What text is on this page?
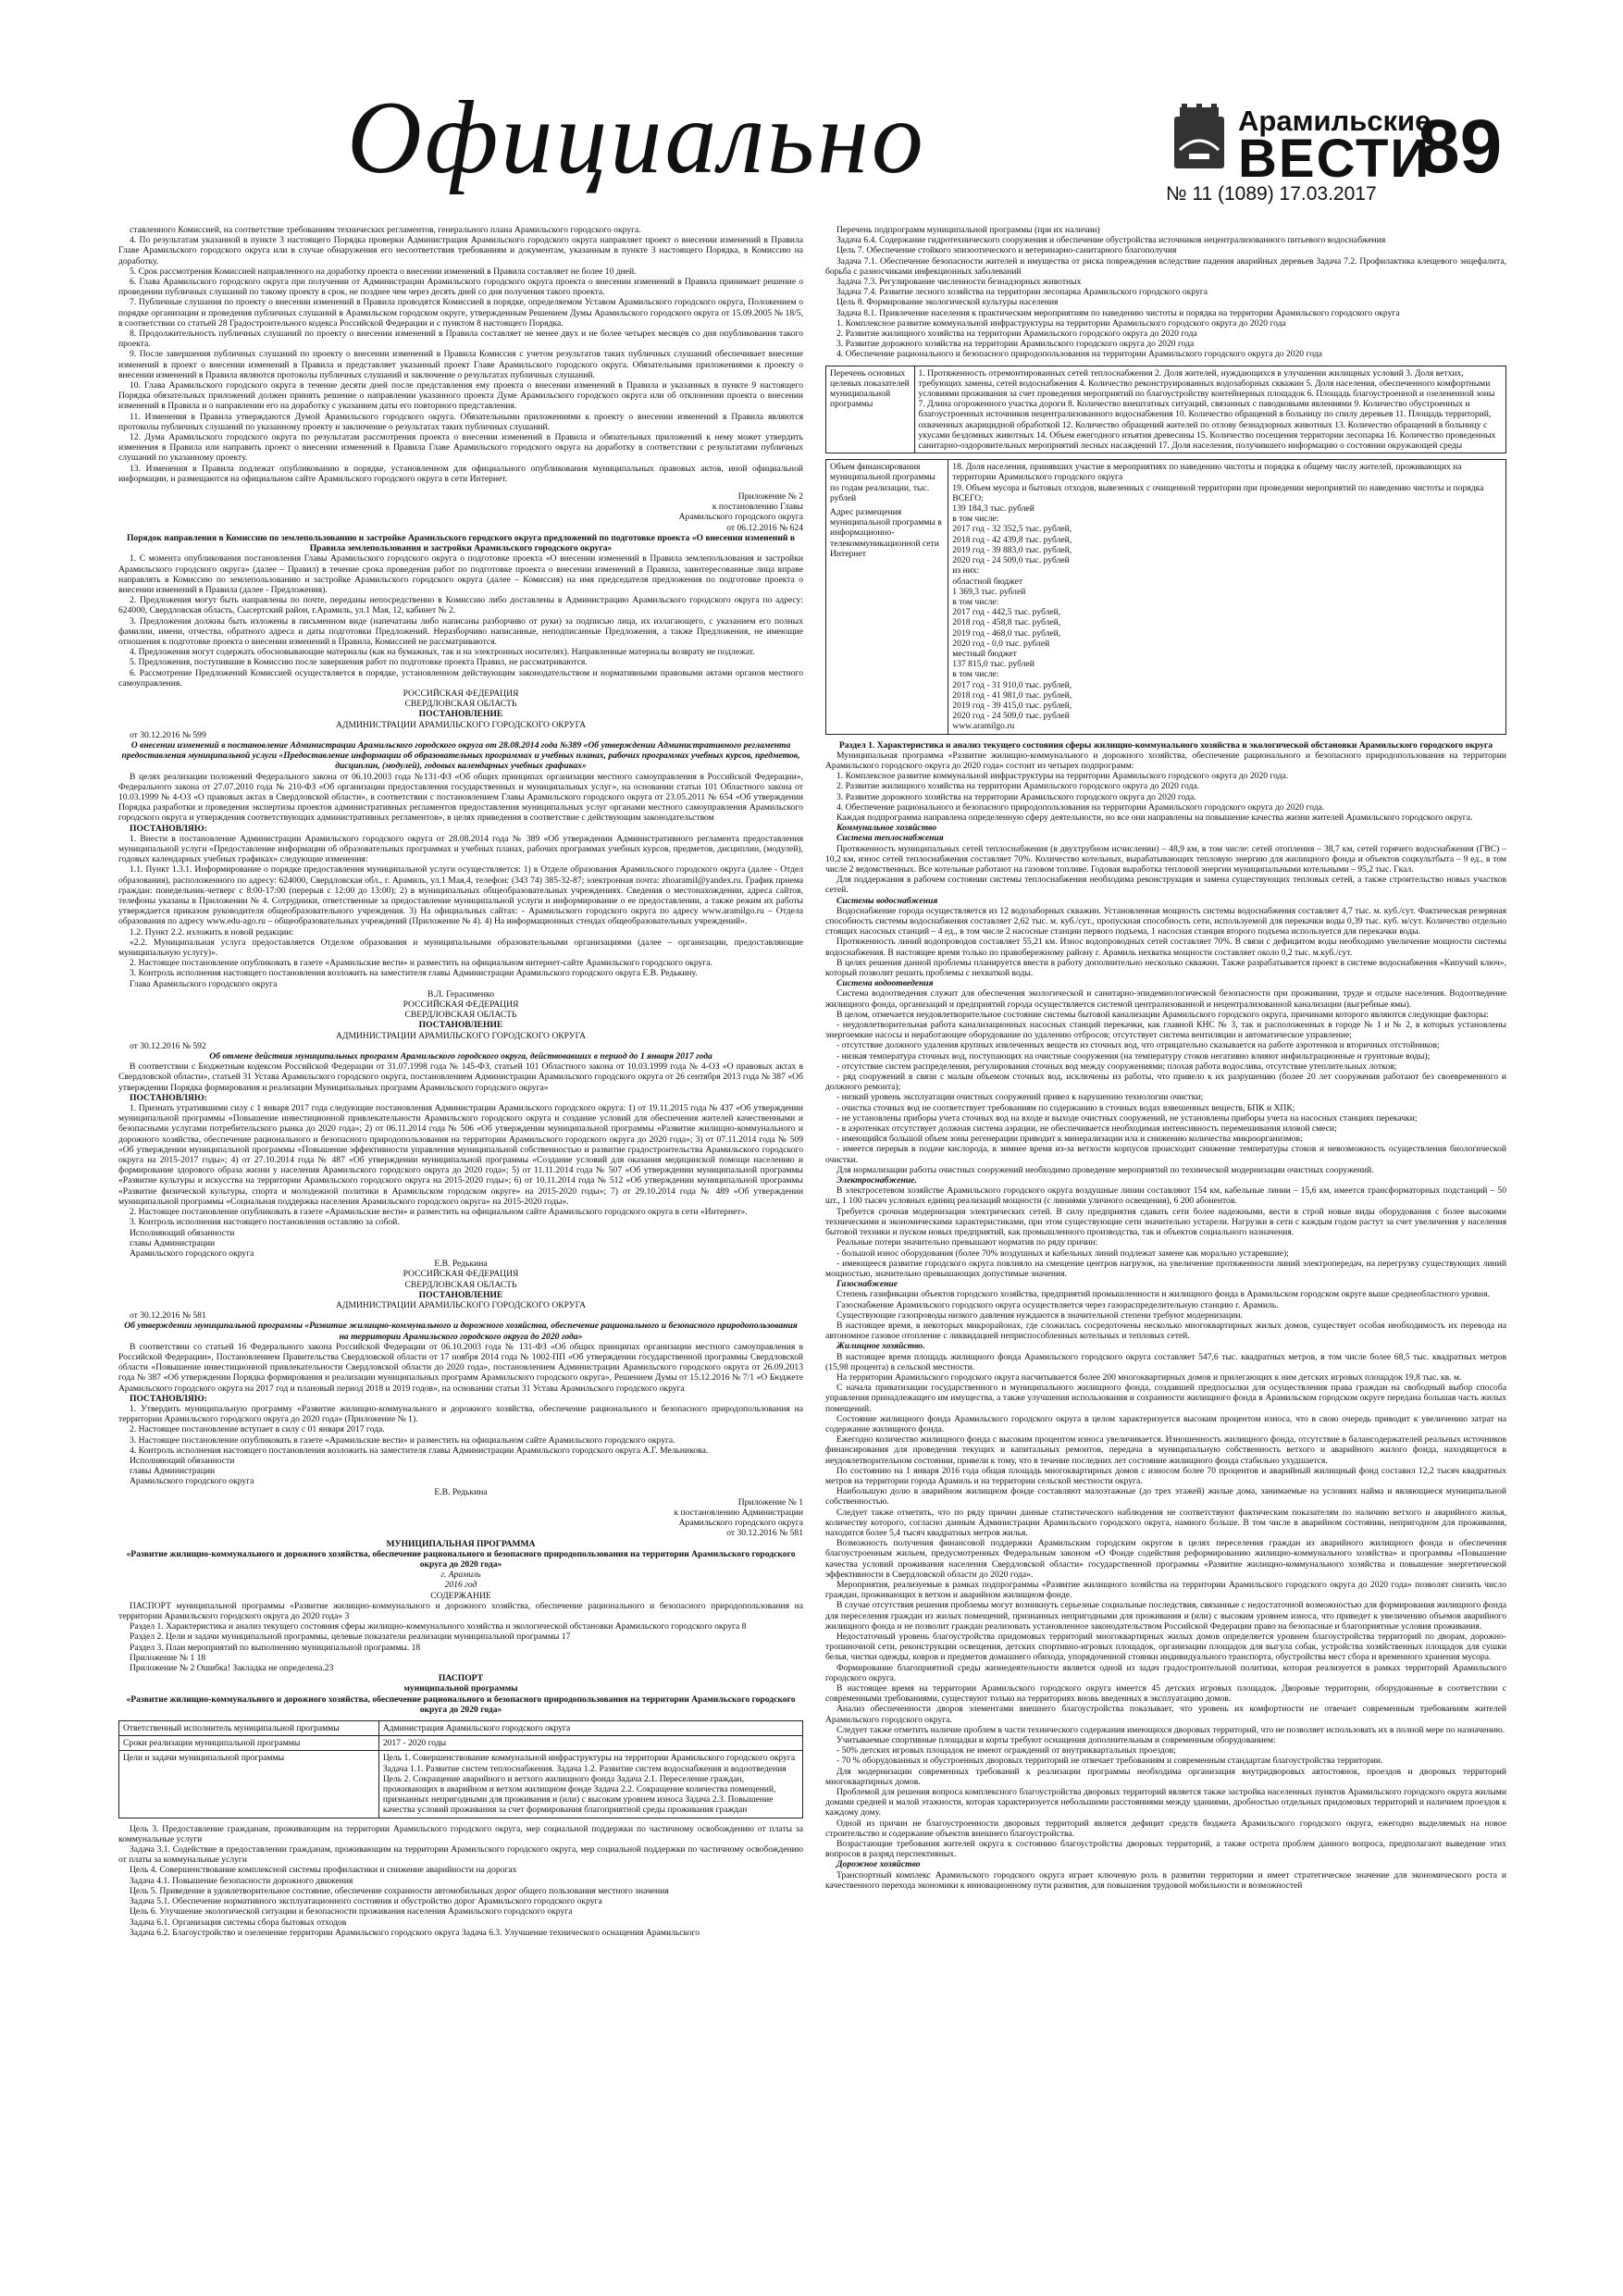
Официально	Арамильские
ВЕСТИ
89
№ 11 (1089) 17.03.2017

ставленного Комиссией, на соответствие требованиям технических регламентов, генерального плана Арамильского городского округа.

4. По результатам указанной в пункте 3 настоящего Порядка проверки Администрация Арамильского городского округа направляет проект о внесении изменений в Правила Главе Арамильского городского округа или в случае обнаружения его несоответствия требованиям и документам, указанным в пункте 3 настоящего Порядка, в Комиссию на доработку.

5. Срок рассмотрения Комиссией направленного на доработку проекта о внесении изменений в Правила составляет не более 10 дней.

6. Глава Арамильского городского округа при получении от Администрации Арамильского городского округа проекта о внесении изменений в Правила принимает решение о проведении публичных слушаний по такому проекту в срок, не позднее чем через десять дней со дня получения такого проекта.

7. Публичные слушания по проекту о внесении изменений в Правила проводятся Комиссией в порядке, определяемом Уставом Арамильского городского округа, Положением о порядке организации и проведения публичных слушаний в Арамильском городском округе, утвержденным Решением Думы Арамильского городского округа от 15.09.2005 № 18/5, в соответствии со статьей 28 Градостроительного кодекса Российской Федерации и с пунктом 8 настоящего Порядка.

8. Продолжительность публичных слушаний по проекту о внесении изменений в Правила составляет не менее двух и не более четырех месяцев со дня опубликования такого проекта.

9. После завершения публичных слушаний по проекту о внесении изменений в Правила Комиссия с учетом результатов таких публичных слушаний обеспечивает внесение изменений в проект о внесении изменений в Правила и представляет указанный проект Главе Арамильского городского округа. Обязательными приложениями к проекту о внесении изменений в Правила являются протоколы публичных слушаний и заключение о результатах публичных слушаний.

10. Глава Арамильского городского округа в течение десяти дней после представления ему проекта о внесении изменений в Правила и указанных в пункте 9 настоящего Порядка обязательных приложений должен принять решение о направлении указанного проекта Думе Арамильского городского округа или об отклонении проекта о внесении изменений в Правила и о направлении его на доработку с указанием даты его повторного представления.

11. Изменения в Правила утверждаются Думой Арамильского городского округа. Обязательными приложениями к проекту о внесении изменений в Правила являются протоколы публичных слушаний по указанному проекту и заключение о результатах таких публичных слушаний.

12. Дума Арамильского городского округа по результатам рассмотрения проекта о внесении изменений в Правила и обязательных приложений к нему может утвердить изменения в Правила или направить проект о внесении изменений в Правила Главе Арамильского городского округа на доработку в соответствии с результатами публичных слушаний по указанному проекту.

13. Изменения в Правила подлежат опубликованию в порядке, установленном для официального опубликования муниципальных правовых актов, иной официальной информации, и размещаются на официальном сайте Арамильского городского округа в сети Интернет.

Приложение № 2

к постановлению Главы

Арамильского городского округа

от 06.12.2016 № 624

Порядок направления в Комиссию по землепользованию и застройке Арамильского городского округа предложений по подготовке проекта «О внесении изменений в Правила землепользования и застройки Арамильского городского округа»

1. С момента опубликования постановления Главы Арамильского городского округа о подготовке проекта «О внесении изменений в Правила землепользования и застройки Арамильского городского округа» (далее – Правил) в течение срока проведения работ по подготовке проекта о внесении изменений в Правила, заинтересованные лица вправе направлять в Комиссию по землепользованию и застройке Арамильского городского округа (далее – Комиссия) на имя председателя предложения по подготовке проекта о внесении изменений в Правила (далее - Предложения).

2. Предложения могут быть направлены по почте, переданы непосредственно в Комиссию либо доставлены в Администрацию Арамильского городского округа по адресу: 624000, Свердловская область, Сысертский район, г.Арамиль, ул.1 Мая, 12, кабинет № 2.

3. Предложения должны быть изложены в письменном виде (напечатаны либо написаны разборчиво от руки) за подписью лица, их излагающего, с указанием его полных фамилии, имени, отчества, обратного адреса и даты подготовки Предложений. Неразборчиво написанные, неподписанные Предложения, а также Предложения, не имеющие отношения к подготовке проекта о внесении изменений в Правила, Комиссией не рассматриваются.

4. Предложения могут содержать обосновывающие материалы (как на бумажных, так и на электронных носителях). Направленные материалы возврату не подлежат.

5. Предложения, поступившие в Комиссию после завершения работ по подготовке проекта Правил, не рассматриваются.

6. Рассмотрение Предложений Комиссией осуществляется в порядке, установленном действующим законодательством и нормативными правовыми актами органов местного самоуправления.

РОССИЙСКАЯ ФЕДЕРАЦИЯ

СВЕРДЛОВСКАЯ ОБЛАСТЬ

ПОСТАНОВЛЕНИЕ

АДМИНИСТРАЦИИ АРАМИЛЬСКОГО ГОРОДСКОГО ОКРУГА

от 30.12.2016 № 599

О внесении изменений в постановление Администрации Арамильского городского округа от 28.08.2014 года №389 «Об утверждении Административного регламента предоставления муниципальной услуги «Предоставление информации об образовательных программах и учебных планах, рабочих программах учебных курсов, предметов, дисциплин, (модулей), годовых календарных учебных графиках»

В целях реализации положений Федерального закона от 06.10.2003 года №131-ФЗ «Об общих принципах организации местного самоуправления в Российской Федерации», Федерального закона от 27.07.2010 года № 210-ФЗ «Об организации предоставления государственных и муниципальных услуг», на основании статьи 101 Областного закона от 10.03.1999 № 4-ОЗ «О правовых актах в Свердловской области», в соответствии с постановлением Главы Арамильского городского округа от 23.05.2011 № 654 «Об утверждении Порядка разработки и проведения экспертизы проектов административных регламентов предоставления муниципальных услуг органами местного самоуправления Арамильского городского округа и утверждения соответствующих административных регламентов», в целях приведения в соответствие с действующим законодательством

ПОСТАНОВЛЯЮ:

1. Внести в постановление Администрации Арамильского городского округа от 28.08.2014 года № 389 «Об утверждении Административного регламента предоставления муниципальной услуги «Предоставление информации об образовательных программах и учебных планах, рабочих программах учебных курсов, предметов, дисциплин, (модулей), годовых календарных учебных графиках» следующие изменения:

1.1. Пункт 1.3.1. Информирование о порядке предоставления муниципальной услуги осуществляется: 1) в Отделе образования Арамильского городского округа (далее - Отдел образования), расположенного по адресу: 624000, Свердловская обл., г. Арамиль, ул.1 Мая,4, телефон: (343 74) 385-32-87; электронная почта: zhoaramil@yandex.ru. График приема граждан: понедельник-четверг с 8:00-17:00 (перерыв с 12:00 до 13:00); 2) в муниципальных общеобразовательных учреждениях. Сведения о местонахождении, адреса сайтов, телефоны указаны в Приложении № 4. Сотрудники, ответственные за предоставление муниципальной услуги и информирование о ее предоставлении, а также режим их работы утверждается приказом руководителя общеобразовательного учреждения. 3) На официальных сайтах: - Арамильского городского округа по адресу www.aramilgo.ru – Отдела образования по адресу www.edu-ago.ru – общеобразовательных учреждений (Приложение № 4). 4) На информационных стендах общеобразовательных учреждений».

1.2. Пункт 2.2. изложить в новой редакции:

«2.2. Муниципальная услуга предоставляется Отделом образования и муниципальными образовательными организациями (далее – организации, предоставляющие муниципальную услугу)».

2. Настоящее постановление опубликовать в газете «Арамильские вести» и разместить на официальном интернет-сайте Арамильского городского округа.

3. Контроль исполнения настоящего постановления возложить на заместителя главы Администрации Арамильского городского округа Е.В. Редькину.

Глава Арамильского городского округа

В.Л. Герасименко

РОССИЙСКАЯ ФЕДЕРАЦИЯ

СВЕРДЛОВСКАЯ ОБЛАСТЬ

ПОСТАНОВЛЕНИЕ

АДМИНИСТРАЦИИ АРАМИЛЬСКОГО ГОРОДСКОГО ОКРУГА

от 30.12.2016 № 592

Об отмене действия муниципальных программ Арамильского городского округа, действовавших в период до 1 января 2017 года

В соответствии с Бюджетным кодексом Российской Федерации от 31.07.1998 года № 145-ФЗ, статьей 101 Областного закона от 10.03.1999 года № 4-ОЗ «О правовых актах в Свердловской области», статьей 31 Устава Арамильского городского округа, постановлением Администрации Арамильского городского округа от 26 сентября 2013 года № 387 «Об утверждении Порядка формирования и реализации Муниципальных программ Арамильского городского округа»

ПОСТАНОВЛЯЮ:

1. Признать утратившими силу с 1 января 2017 года следующие постановления Администрации Арамильского городского округа: 1) от 19.11.2015 года № 437 «Об утверждении муниципальной программы «Повышение инвестиционной привлекательности Арамильского городского округа и создание условий для обеспечения жителей качественными и безопасными услугами потребительского рынка до 2020 года»; 2) от 06.11.2014 года № 506 «Об утверждении муниципальной программы «Развитие жилищно-коммунального и дорожного хозяйства, обеспечение рационального и безопасного природопользования на территории Арамильского городского округа до 2020 года»; 3) от 07.11.2014 года № 509 «Об утверждении муниципальной программы «Повышение эффективности управления муниципальной собственностью и развитие градостроительства Арамильского городского округа на 2015-2017 годы»; 4) от 27.10.2014 года № 487 «Об утверждении муниципальной программы «Создание условий для оказания медицинской помощи населению и формирование здорового образа жизни у населения Арамильского городского округа до 2020 года»; 5) от 11.11.2014 года № 507 «Об утверждении муниципальной программы «Развитие культуры и искусства на территории Арамильского городского округа на 2015-2020 годы»; 6) от 10.11.2014 года № 512 «Об утверждении муниципальной программы «Развитие физической культуры, спорта и молодежной политики в Арамильском городском округе» на 2015-2020 годы»; 7) от 29.10.2014 года № 489 «Об утверждении муниципальной программы «Социальная поддержка населения Арамильского городского округа» на 2015-2020 годы».

2. Настоящее постановление опубликовать в газете «Арамильские вести» и разместить на официальном сайте Арамильского городского округа в сети «Интернет».

3. Контроль исполнения настоящего постановления оставляю за собой.

Исполняющий обязанности

главы Администрации

Арамильского городского округа

Е.В. Редькина

РОССИЙСКАЯ ФЕДЕРАЦИЯ

СВЕРДЛОВСКАЯ ОБЛАСТЬ

ПОСТАНОВЛЕНИЕ

АДМИНИСТРАЦИИ АРАМИЛЬСКОГО ГОРОДСКОГО ОКРУГА

от 30.12.2016 № 581

Об утверждении муниципальной программы «Развитие жилищно-коммунального и дорожного хозяйства, обеспечение рационального и безопасного природопользования на территории Арамильского городского округа до 2020 года»

В соответствии со статьей 16 Федерального закона Российской Федерации от 06.10.2003 года № 131-ФЗ «Об общих принципах организации местного самоуправления в Российской Федерации», Постановлением Правительства Свердловской области от 17 ноября 2014 года № 1002-ПП «Об утверждении государственной программы Свердловской области «Повышение инвестиционной привлекательности Свердловской области до 2020 года», постановлением Администрации Арамильского городского округа от 26.09.2013 года № 387 «Об утверждении Порядка формирования и реализации муниципальных программ Арамильского городского округа», Решением Думы от 15.12.2016 № 7/1 «О Бюджете Арамильского городского округа на 2017 год и плановый период 2018 и 2019 годов», на основании статьи 31 Устава Арамильского городского округа

ПОСТАНОВЛЯЮ:

1. Утвердить муниципальную программу «Развитие жилищно-коммунального и дорожного хозяйства, обеспечение рационального и безопасного природопользования на территории Арамильского городского округа до 2020 года» (Приложение № 1).

2. Настоящее постановление вступает в силу с 01 января 2017 года.

3. Настоящее постановление опубликовать в газете «Арамильские вести» и разместить на официальном сайте Арамильского городского округа.

4. Контроль исполнения настоящего постановления возложить на заместителя главы Администрации Арамильского городского округа А.Г. Мельникова.

Исполняющий обязанности

главы Администрации

Арамильского городского округа

Е.В. Редькина

Приложение № 1

к постановлению Администрации

Арамильского городского округа

от 30.12.2016 № 581

МУНИЦИПАЛЬНАЯ ПРОГРАММА

«Развитие жилищно-коммунального и дорожного хозяйства, обеспечение рационального и безопасного природопользования на территории Арамильского городского округа до 2020 года»

г. Арамиль

2016 год

СОДЕРЖАНИЕ

ПАСПОРТ муниципальной программы «Развитие жилищно-коммунального и дорожного хозяйства, обеспечение рационального и безопасного природопользования на территории Арамильского городского округа до 2020 года» 3

Раздел 1. Характеристика и анализ текущего состояния сферы жилищно-коммунального хозяйства и экологической обстановки Арамильского городского округа 8

Раздел 2. Цели и задачи муниципальной программы, целевые показатели реализации муниципальной программы 17

Раздел 3. План мероприятий по выполнению муниципальной программы. 18

Приложение № 1 18

Приложение № 2 Ошибка! Закладка не определена.23

ПАСПОРТ

муниципальной программы

«Развитие жилищно-коммунального и дорожного хозяйства, обеспечение рационального и безопасного природопользования на территории Арамильского городского округа до 2020 года»

Ответственный исполнитель муниципальной программы	Администрация Арамильского городского округа
Сроки реализации муниципальной программы	2017 - 2020 годы
Цели и задачи муниципальной программы	Цель 1. Совершенствование коммунальной инфраструктуры на территории Арамильского городского округа Задача 1.1. Развитие систем теплоснабжения. Задача 1.2. Развитие систем водоснабжения и водоотведения Цель 2. Сокращение аварийного и ветхого жилищного фонда Задача 2.1. Переселение граждан, проживающих в аварийном и ветхом жилищном фонде Задача 2.2. Сокращение количества помещений, признанных непригодными для проживания и (или) с высоким уровнем износа Задача 2.3. Повышение качества условий проживания за счет формирования благоприятной среды проживания граждан

Цель 3. Предоставление гражданам, проживающим на территории Арамильского городского округа, мер социальной поддержки по частичному освобождению от платы за коммунальные услуги

Задача 3.1. Содействие в предоставлении гражданам, проживающим на территории Арамильского городского округа, мер социальной поддержки по частичному освобождению от платы за коммунальные услуги

Цель 4. Совершенствование комплексной системы профилактики и снижение аварийности на дорогах

Задача 4.1. Повышение безопасности дорожного движения

Цель 5. Приведение в удовлетворительное состояние, обеспечение сохранности автомобильных дорог общего пользования местного значения

Задача 5.1. Обеспечение нормативного эксплуатационного состояния и обустройство дорог Арамильского городского округа

Цель 6. Улучшение экологической ситуации и безопасности проживания населения Арамильского городского округа

Задача 6.1. Организация системы сбора бытовых отходов

Задача 6.2. Благоустройство и озеленение территории Арамильского городского округа Задача 6.3. Улучшение технического оснащения Арамильского

Перечень подпрограмм муниципальной программы (при их наличии)

Задача 6.4. Содержание гидротехнического сооружения и обеспечение обустройства источников нецентрализованного питьевого водоснабжения

Цель 7. Обеспечение стойкого эпизоотического и ветеринарно-санитарного благополучия

Задача 7.1. Обеспечение безопасности жителей и имущества от риска повреждения вследствие падения аварийных деревьев Задача 7.2. Профилактика клещевого энцефалита, борьба с разносчиками инфекционных заболеваний

Задача 7.3. Регулирование численности безнадзорных животных

Задача 7.4. Развитие лесного хозяйства на территории лесопарка Арамильского городского округа

Цель 8. Формирование экологической культуры населения

Задача 8.1. Привлечение населения к практическим мероприятиям по наведению чистоты и порядка на территории Арамильского городского округа

1. Комплексное развитие коммунальной инфраструктуры на территории Арамильского городского округа до 2020 года

2. Развитие жилищного хозяйства на территории Арамильского городского округа до 2020 года

3. Развитие дорожного хозяйства на территории Арамильского городского округа до 2020 года

4. Обеспечение рационального и безопасного природопользования на территории Арамильского городского округа до 2020 года

Перечень основных целевых показателей муниципальной программы	1. Протяженность отремонтированных сетей теплоснабжения 2. Доля жителей, нуждающихся в улучшении жилищных условий 3. Доля ветхих, требующих замены, сетей водоснабжения 4. Количество реконструированных водозаборных скважин 5. Доля населения, обеспеченного комфортными условиями проживания за счет проведения мероприятий по благоустройству контейнерных площадок 6. Площадь благоустроенной и озелененной зоны 7. Длина огороженного участка дороги 8. Количество внештатных ситуаций, связанных с паводковыми явлениями 9. Количество обустроенных и благоустроенных источников нецентрализованного водоснабжения 10. Количество обращений в больницу по спилу деревьев 11. Площадь территорий, охваченных акарицидной обработкой 12. Количество обращений жителей по отлову безнадзорных животных 13. Количество обращений в больницу с укусами бездомных животных 14. Объем ежегодного изъятия древесины 15. Количество посещения территории лесопарка 16. Количество проведенных санитарно-оздоровительных мероприятий лесных насаждений 17. Доля населения, получившего информацию о состоянии окружающей среды
Объем финансирования муниципальной программы по годам реализации, тыс. рублей
Адрес размещения муниципальной программы в информационно-телекоммуникационной сети Интернет

18. Доля населения, принявших участие в мероприятиях по наведению чистоты и порядка к общему числу жителей, проживающих на территории Арамильского городского округа
19. Объем мусора и бытовых отходов, вывезенных с очищенной территории при проведении мероприятий по наведению чистоты и порядка
ВСЕГО:
139 184,3 тыс. рублей
в том числе:
2017 год - 32 352,5 тыс. рублей,
2018 год - 42 439,8 тыс. рублей,
2019 год - 39 883,0 тыс. рублей,
2020 год - 24 509,0 тыс. рублей
из них:
областной бюджет
1 369,3 тыс. рублей
в том числе:
2017 год - 442,5 тыс. рублей,
2018 год - 458,8 тыс. рублей,
2019 год - 468,0 тыс. рублей,
2020 год - 0,0 тыс. рублей
местный бюджет
137 815,0 тыс. рублей
в том числе:
2017 год - 31 910,0 тыс. рублей,
2018 год - 41 981,0 тыс. рублей,
2019 год - 39 415,0 тыс. рублей,
2020 год - 24 509,0 тыс. рублей
www.aramilgo.ru

Раздел 1. Характеристика и анализ текущего состояния сферы жилищно-коммунального хозяйства и экологической обстановки Арамильского городского округа

Муниципальная программа «Развитие жилищно-коммунального и дорожного хозяйства, обеспечение рационального и безопасного природопользования на территории Арамильского городского округа до 2020 года» состоит из четырех подпрограмм:

1. Комплексное развитие коммунальной инфраструктуры на территории Арамильского городского округа до 2020 года.

2. Развитие жилищного хозяйства на территории Арамильского городского округа до 2020 года.

3. Развитие дорожного хозяйства на территории Арамильского городского округа до 2020 года.

4. Обеспечение рационального и безопасного природопользования на территории Арамильского городского округа до 2020 года.

Каждая подпрограмма направлена определенную сферу деятельности, но все они направлены на повышение качества жизни жителей Арамильского городского округа.

Коммунальное хозяйство

Система теплоснабжения

Протяженность муниципальных сетей теплоснабжения (в двухтрубном исчислении) – 48,9 км, в том числе: сетей отопления – 38,7 км, сетей горячего водоснабжения (ГВС) – 10,2 км, износ сетей теплоснабжения составляет 70%. Количество котельных, вырабатывающих тепловую энергию для жилищного фонда и объектов соцкультбыта – 9 ед., в том числе 2 ведомственных. Все котельные работают на газовом топливе. Годовая выработка тепловой энергии муниципальными котельными – 95,2 тыс. Гкал.

Для поддержания в рабочем состоянии системы теплоснабжения необходима реконструкция и замена существующих тепловых сетей, а также строительство новых участков сетей.

Системы водоснабжения

Водоснабжение города осуществляется из 12 водозаборных скважин. Установленная мощность системы водоснабжения составляет 4,7 тыс. м. куб./сут. Фактическая резервная способность системы водоснабжения составляет 2,62 тыс. м. куб./сут., пропускная способность сети, используемой для перекачки воды 0,39 тыс. куб. м/сут. Количество отдельно стоящих насосных станций – 4 ед., в том числе 2 насосные станции первого подъема, 1 насосная станция второго подъема используется для перекачки воды.

Протяженность линий водопроводов составляет 55,21 км. Износ водопроводных сетей составляет 70%. В связи с дефицитом воды необходимо увеличение мощности системы водоснабжения. В настоящее время только по правобережному району г. Арамиль нехватка мощности составляет около 0,2 тыс. м.куб./сут.

В целях решения данной проблемы планируется ввести в работу дополнительно несколько скважин. Также разрабатывается проект в системе водоснабжения «Кипучий ключ», который позволит решить проблемы с нехваткой воды.

Система водоотведения

Система водоотведения служит для обеспечения экологической и санитарно-эпидемиологической безопасности при проживании, труде и отдыхе населения. Водоотведение жилищного фонда, организаций и предприятий города осуществляется системой централизованной и нецентрализованной канализации (выгребные ямы).

В целом, отмечается неудовлетворительное состояние системы бытовой канализации Арамильского городского округа, причинами которого являются следующие факторы:

- неудовлетворительная работа канализационных насосных станций перекачки, как главной КНС № 3, так и расположенных в городе № 1 и № 2, в которых установлены энергоемкие насосы и неработающее оборудование по удалению отбросов; отсутствует система вентиляции и автоматическое управление;

- отсутствие должного удаления крупных извлеченных веществ из сточных вод, что отрицательно сказывается на работе аэротенков и вторичных отстойников;

- низкая температура сточных вод, поступающих на очистные сооружения (на температуру стоков негативно влияют инфильтрационные и грунтовые воды);

- отсутствие систем распределения, регулирования сточных вод между сооружениями; плохая работа водослива, отсутствие утеплительных лотков;

- ряд сооружений в связи с малым объемом сточных вод, исключены из работы, что привело к их разрушению (более 20 лет сооружения работают без своевременного и должного ремонта);

- низкий уровень эксплуатации очистных сооружений привел к нарушению технологии очистки;

- очистка сточных вод не соответствует требованиям по содержанию в сточных водах взвешенных веществ, БПК и ХПК;

- не установлены приборы учета сточных вод на входе и выходе очистных сооружений, не установлены приборы учета на насосных станциях перекачки;

- в аэротенках отсутствует должная система аэрации, не обеспечивается необходимая интенсивность перемешивания иловой смеси;

- имеющийся большой объем зоны регенерации приводит к минерализации ила и снижению количества микроорганизмов;

- имеется перерыв в подаче кислорода, в зимнее время из-за ветхости корпусов происходит снижение температуры стоков и невозможность осуществления биологической очистки.

Для нормализации работы очистных сооружений необходимо проведение мероприятий по технической модернизации очистных сооружений.

Электроснабжение.

В электросетевом хозяйстве Арамильского городского округа воздушные линии составляют 154 км, кабельные линии – 15,6 км, имеется трансформаторных подстанций – 50 шт., 1 100 тысяч условных единиц реализаций мощности (с линиями уличного освещения), 6 200 абонентов.

Требуется срочная модернизация электрических сетей. В силу предприятия сдавать сети более надежными, вести в строй новые виды оборудования с более высокими техническими и экономическими характеристиками, при этом существующие сети значительно устарели. Нагрузки в сети с каждым годом растут за счет увеличения у населения бытовой техники и пуском новых предприятий, как промышленного производства, так и объектов социального назначения.

Реальные потери значительно превышают норматив по ряду причин:

- большой износ оборудования (более 70% воздушных и кабельных линий подлежат замене как морально устаревшие);

- имеющееся развитие городского округа повлияло на смещение центров нагрузок, на увеличение протяженности линий электропередач, на перегрузку существующих линий мощностью, значительно превышающих допустимые значения.

Газоснабжение

Степень газификации объектов городского хозяйства, предприятий промышленности и жилищного фонда в Арамильском городском округе выше среднеобластного уровня.

Газоснабжение Арамильского городского округа осуществляется через газораспределительную станцию г. Арамиль.

Существующие газопроводы низкого давления нуждаются в значительной степени требуют модернизации.

В настоящее время, в некоторых микрорайонах, где сложилась сосредоточены несколько многоквартирных жилых домов, существует особая необходимость их перевода на автономное газовое отопление с ликвидацией неприспособленных котельных и тепловых сетей.

Жилищное хозяйство.

В настоящее время площадь жилищного фонда Арамильского городского округа составляет 547,6 тыс. квадратных метров, в том числе более 68,5 тыс. квадратных метров (15,98 процента) в сельской местности.

На территории Арамильского городского округа насчитывается более 200 многоквартирных домов и прилегающих к ним детских игровых площадок 19,8 тыс. кв. м.

С начала приватизации государственного и муниципального жилищного фонда, создавшей предпосылки для осуществления права граждан на свободный выбор способа управления принадлежащего им имущества, а также улучшения использования и сохранности жилищного фонда в Арамильском городском округе передана большая часть жилых помещений.

Состояние жилищного фонда Арамильского городского округа в целом характеризуется высоким процентом износа, что в свою очередь приводит к увеличению затрат на содержание жилищного фонда.

Ежегодно количество жилищного фонда с высоким процентом износа увеличивается. Изношенность жилищного фонда, отсутствие в балансодержателей реальных источников финансирования для проведения текущих и капитальных ремонтов, передача в муниципальную собственность ветхого и аварийного жилого фонда, находящегося в неудовлетворительном состоянии, привели к тому, что в течение последних лет состояние жилищного фонда стабильно ухудшается.

По состоянию на 1 января 2016 года общая площадь многоквартирных домов с износом более 70 процентов и аварийный жилищный фонд составил 12,2 тысяч квадратных метров на территории города Арамиль и на территории сельской местности округа.

Наибольшую долю в аварийном жилищном фонде составляют малоэтажные (до трех этажей) жилые дома, занимаемые на условиях найма и являющиеся муниципальной собственностью.

Следует также отметить, что по ряду причин данные статистического наблюдения не соответствуют фактическим показателям по наличию ветхого и аварийного жилья, количеству которого, согласно данным Администрации Арамильского городского округа, намного больше. В том числе в аварийном состоянии, непригодном для проживания, находится более 5,4 тысяч квадратных метров жилья.

Возможность получения финансовой поддержки Арамильским городским округом в целях переселения граждан из аварийного жилищного фонда и обеспечения благоустроенным жильем, предусмотренных Федеральным законом «О Фонде содействия реформированию жилищно-коммунального хозяйства» и программы «Повышение качества условий проживания населения Свердловской области» государственной программы «Развитие жилищно-коммунального хозяйства и повышение энергетической эффективности в Свердловской области до 2020 года».

Мероприятия, реализуемые в рамках подпрограммы «Развитие жилищного хозяйства на территории Арамильского городского округа до 2020 года» позволят снизить число граждан, проживающих в ветхом и аварийном жилищном фонде.

В случае отсутствия решения проблемы могут возникнуть серьезные социальные последствия, связанные с недостаточной возможностью для формирования жилищного фонда для переселения граждан из жилых помещений, признанных непригодными для проживания и (или) с высоким уровнем износа, что приведет к увеличению объемов аварийного жилищного фонда и не позволит граждан реализовать установленное законодательством Российской Федерации право на безопасные и благоприятные условия проживания.

Недостаточный уровень благоустройства придомовых территорий многоквартирных жилых домов определяется уровнем благоустройства территорий по дворам, дорожно-тропиночной сети, реконструкции освещения, детских спортивно-игровых площадок, организации площадок для выгула собак, устройства хозяйственных площадок для сушки белья, чистки одежды, ковров и предметов домашнего обихода, упорядоченной стоянки индивидуального транспорта, обустройства мест сбора и временного хранения мусора.

Формирование благоприятной среды жизнедеятельности является одной из задач градостроительной политики, которая реализуется в рамках территорий Арамильского городского округа.

В настоящее время на территории Арамильского городского округа имеется 45 детских игровых площадок. Дворовые территории, оборудованные в соответствии с современными требованиями, существуют только на территориях вновь введенных в эксплуатацию домов.

Анализ обеспеченности дворов элементами внешнего благоустройства показывает, что уровень их комфортности не отвечает современным требованиям жителей Арамильского городского округа.

Следует также отметить наличие проблем в части технического содержания имеющихся дворовых территорий, что не позволяет использовать их в полной мере по назначению.

Учитываемые спортивные площадки и корты требуют оснащения дополнительным и современным оборудованием:

- 50% детских игровых площадок не имеют ограждений от внутриквартальных проездов;

- 70 % оборудованных и обустроенных дворовых территорий не отвечает требованиям и современным стандартам благоустройства территории.

Для модернизации современных требований к реализации программы необходима организация внутридворовых автостоянок, проездов и дворовых территорий многоквартирных домов.

Проблемой для решения вопроса комплексного благоустройства дворовых территорий является также застройка населенных пунктов Арамильского городского округа жилыми домами средней и малой этажности, которая характеризуется небольшими расстояниями между зданиями, дробностью отдельных придомовых территорий и наличием проездов к каждому дому.

Одной из причин не благоустроенности дворовых территорий является дефицит средств бюджета Арамильского городского округа, ежегодно выделяемых на новое строительство и содержание объектов внешнего благоустройства.

Возрастающие требования жителей округа к состоянию благоустройства дворовых территорий, а также острота проблем данного вопроса, предполагают выведение этих вопросов в разряд перспективных.

Дорожное хозяйство

Транспортный комплекс Арамильского городского округа играет ключевую роль в развитии территории и имеет стратегическое значение для экономического роста и качественного перехода экономики к инновационному пути развития, для повышения трудовой мобильности и возможностей
